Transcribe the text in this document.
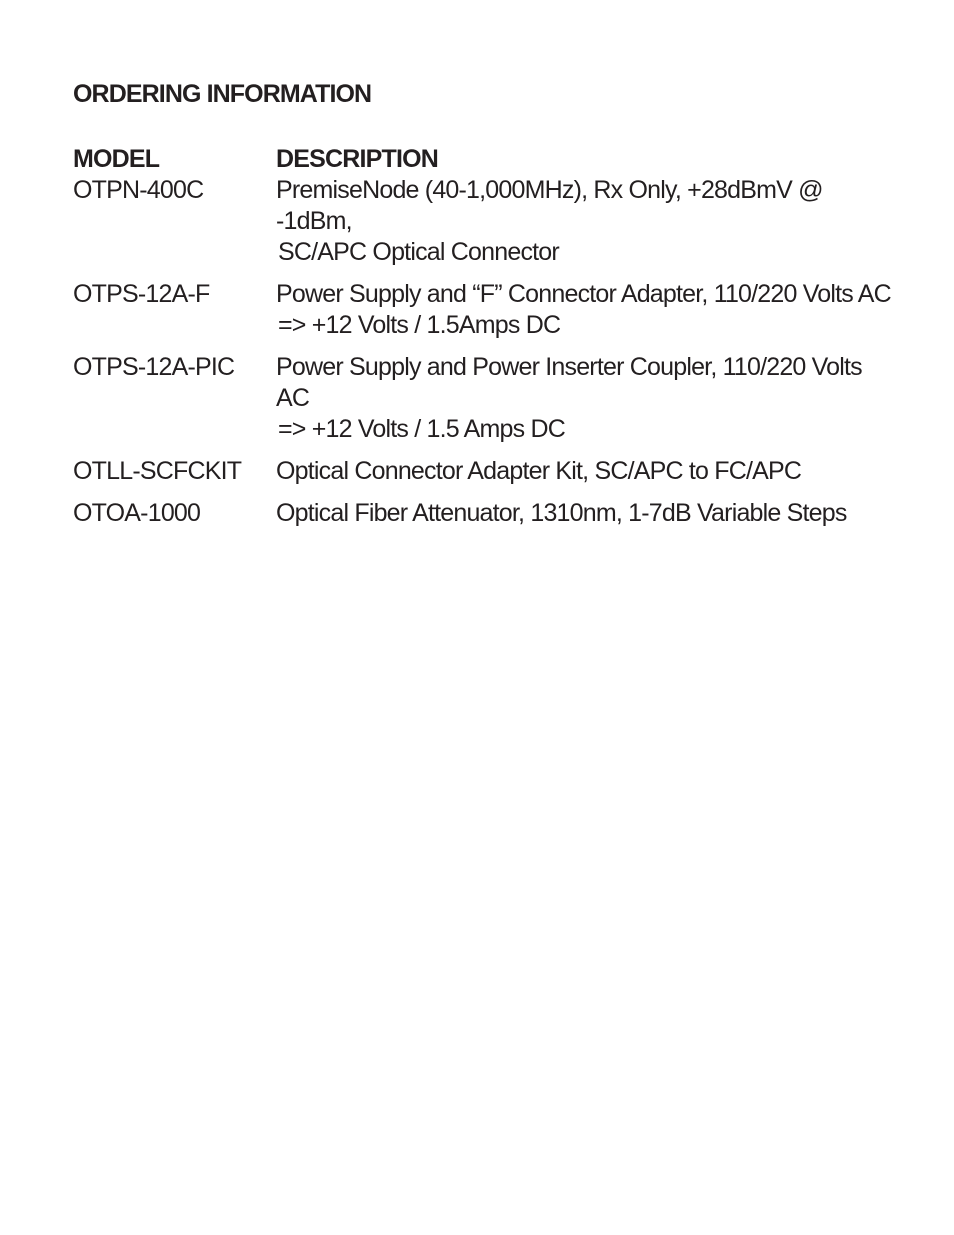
ORDERING INFORMATION
MODEL	DESCRIPTION
OTPN-400C	PremiseNode (40-1,000MHz), Rx Only, +28dBmV @ -1dBm,
SC/APC Optical Connector
OTPS-12A-F	Power Supply and “F” Connector Adapter, 110/220 Volts AC
=> +12 Volts / 1.5Amps DC
OTPS-12A-PIC	Power Supply and Power Inserter Coupler, 110/220 Volts AC
=> +12 Volts / 1.5 Amps DC
OTLL-SCFCKIT	Optical Connector Adapter Kit, SC/APC to FC/APC
OTOA-1000	Optical Fiber Attenuator, 1310nm, 1-7dB Variable Steps
